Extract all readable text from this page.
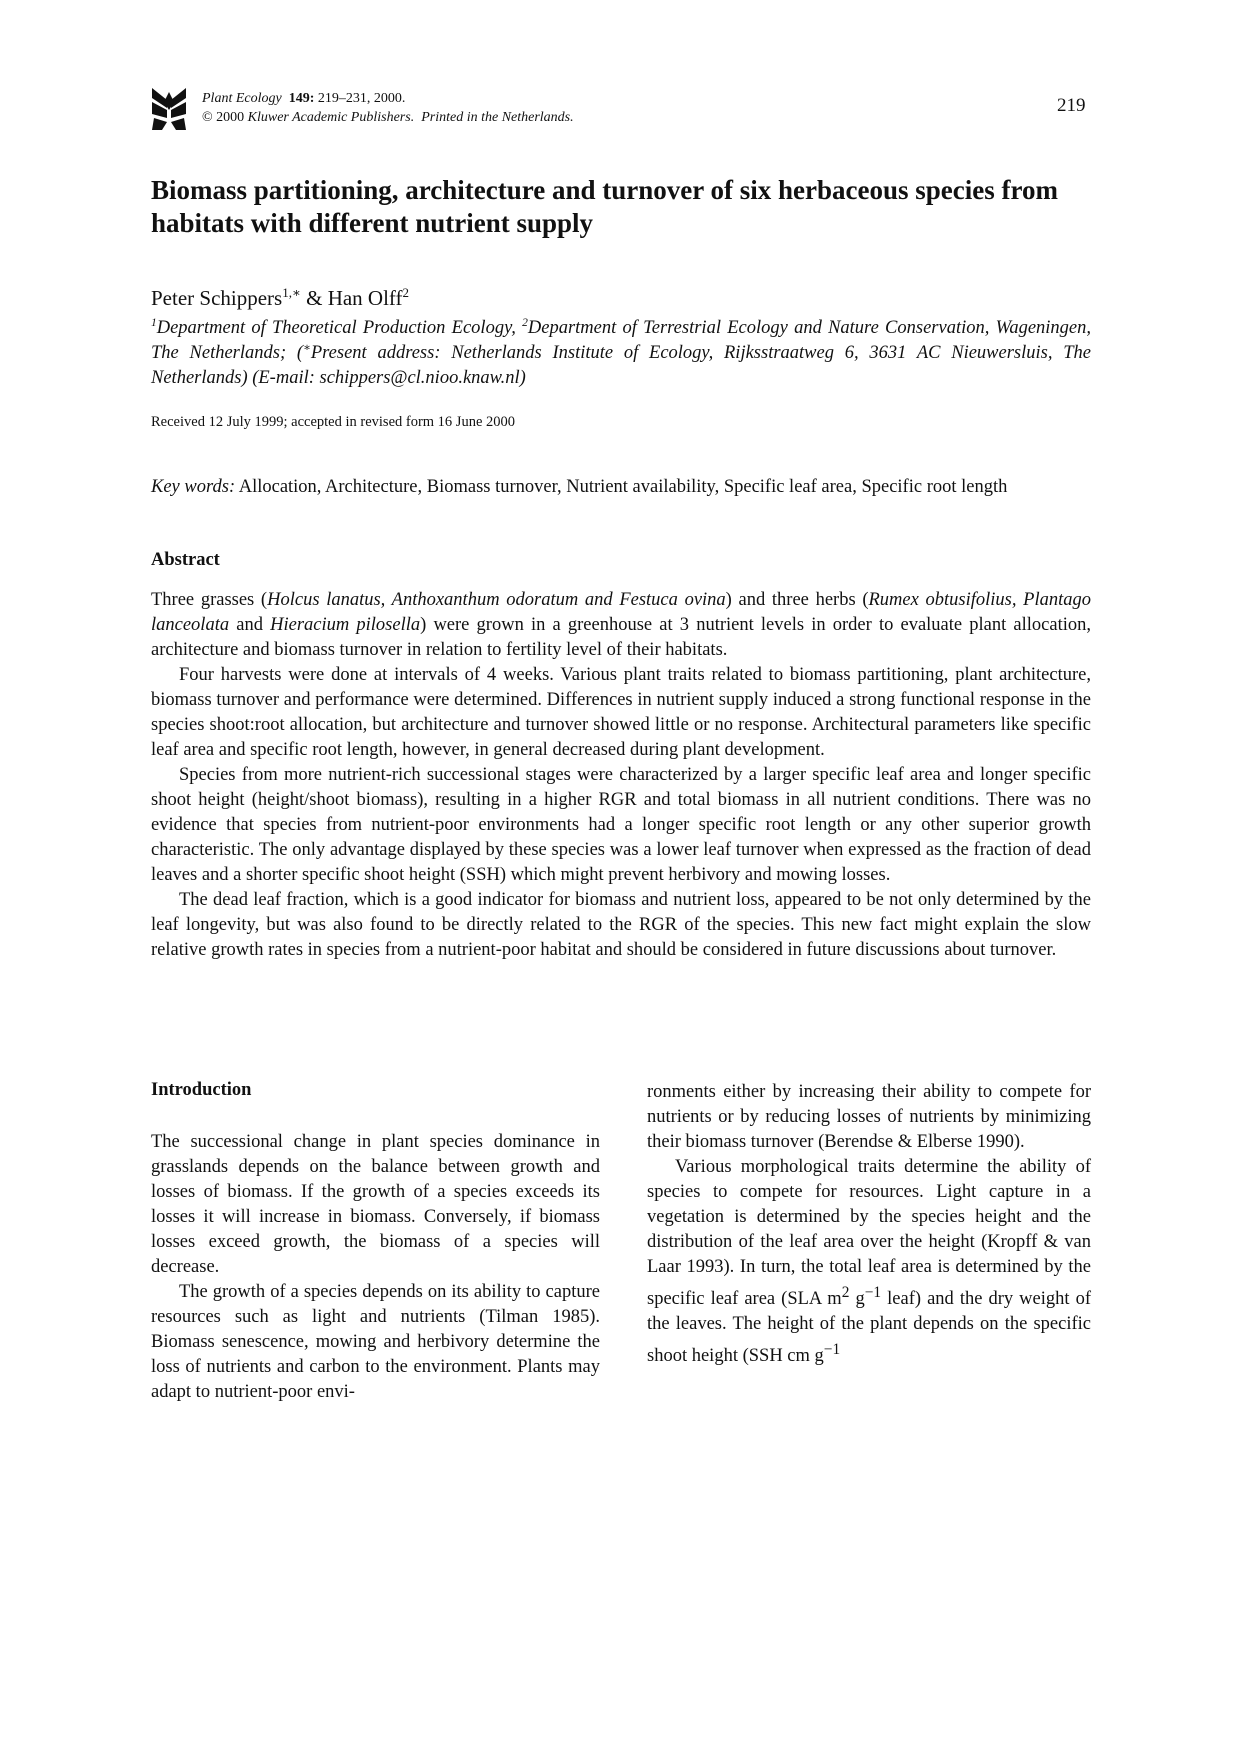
Plant Ecology 149: 219–231, 2000.
© 2000 Kluwer Academic Publishers. Printed in the Netherlands.
219
Biomass partitioning, architecture and turnover of six herbaceous species from habitats with different nutrient supply
Peter Schippers$^{1,∗}$ & Han Olff$^2$
$^1$Department of Theoretical Production Ecology, $^2$Department of Terrestrial Ecology and Nature Conservation, Wageningen, The Netherlands; (∗Present address: Netherlands Institute of Ecology, Rijksstraatweg 6, 3631 AC Nieuwersluis, The Netherlands) (E-mail: schippers@cl.nioo.knaw.nl)
Received 12 July 1999; accepted in revised form 16 June 2000
Key words: Allocation, Architecture, Biomass turnover, Nutrient availability, Specific leaf area, Specific root length
Abstract

Three grasses (Holcus lanatus, Anthoxanthum odoratum and Festuca ovina) and three herbs (Rumex obtusifolius, Plantago lanceolata and Hieracium pilosella) were grown in a greenhouse at 3 nutrient levels in order to evaluate plant allocation, architecture and biomass turnover in relation to fertility level of their habitats.

Four harvests were done at intervals of 4 weeks. Various plant traits related to biomass partitioning, plant architecture, biomass turnover and performance were determined. Differences in nutrient supply induced a strong functional response in the species shoot:root allocation, but architecture and turnover showed little or no response. Architectural parameters like specific leaf area and specific root length, however, in general decreased during plant development.

Species from more nutrient-rich successional stages were characterized by a larger specific leaf area and longer specific shoot height (height/shoot biomass), resulting in a higher RGR and total biomass in all nutrient conditions. There was no evidence that species from nutrient-poor environments had a longer specific root length or any other superior growth characteristic. The only advantage displayed by these species was a lower leaf turnover when expressed as the fraction of dead leaves and a shorter specific shoot height (SSH) which might prevent herbivory and mowing losses.

The dead leaf fraction, which is a good indicator for biomass and nutrient loss, appeared to be not only determined by the leaf longevity, but was also found to be directly related to the RGR of the species. This new fact might explain the slow relative growth rates in species from a nutrient-poor habitat and should be considered in future discussions about turnover.

Introduction

The successional change in plant species dominance in grasslands depends on the balance between growth and losses of biomass. If the growth of a species exceeds its losses it will increase in biomass. Conversely, if biomass losses exceed growth, the biomass of a species will decrease.

The growth of a species depends on its ability to capture resources such as light and nutrients (Tilman 1985). Biomass senescence, mowing and herbivory determine the loss of nutrients and carbon to the environment. Plants may adapt to nutrient-poor envi-

ronments either by increasing their ability to compete for nutrients or by reducing losses of nutrients by minimizing their biomass turnover (Berendse & Elberse 1990).

Various morphological traits determine the ability of species to compete for resources. Light capture in a vegetation is determined by the species height and the distribution of the leaf area over the height (Kropff & van Laar 1993). In turn, the total leaf area is determined by the specific leaf area (SLA $m^2$ $g^{-1}$ leaf) and the dry weight of the leaves. The height of the plant depends on the specific shoot height (SSH cm $g^{-1}$
